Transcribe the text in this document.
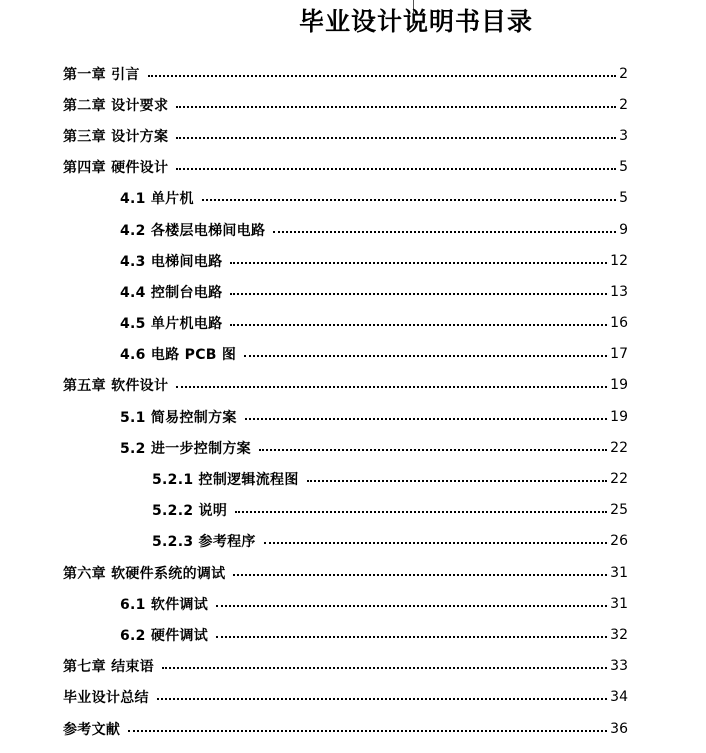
毕业设计说明书目录
第一章 引言	2
第二章 设计要求	2
第三章 设计方案	3
第四章 硬件设计	5
4.1 单片机	5
4.2 各楼层电梯间电路	9
4.3 电梯间电路	12
4.4 控制台电路	13
4.5 单片机电路	16
4.6 电路 PCB 图	17
第五章 软件设计	19
5.1 简易控制方案	19
5.2 进一步控制方案	22
5.2.1 控制逻辑流程图	22
5.2.2 说明	25
5.2.3 参考程序	26
第六章 软硬件系统的调试	31
6.1 软件调试	31
6.2 硬件调试	32
第七章 结束语	33
毕业设计总结	34
参考文献	36
